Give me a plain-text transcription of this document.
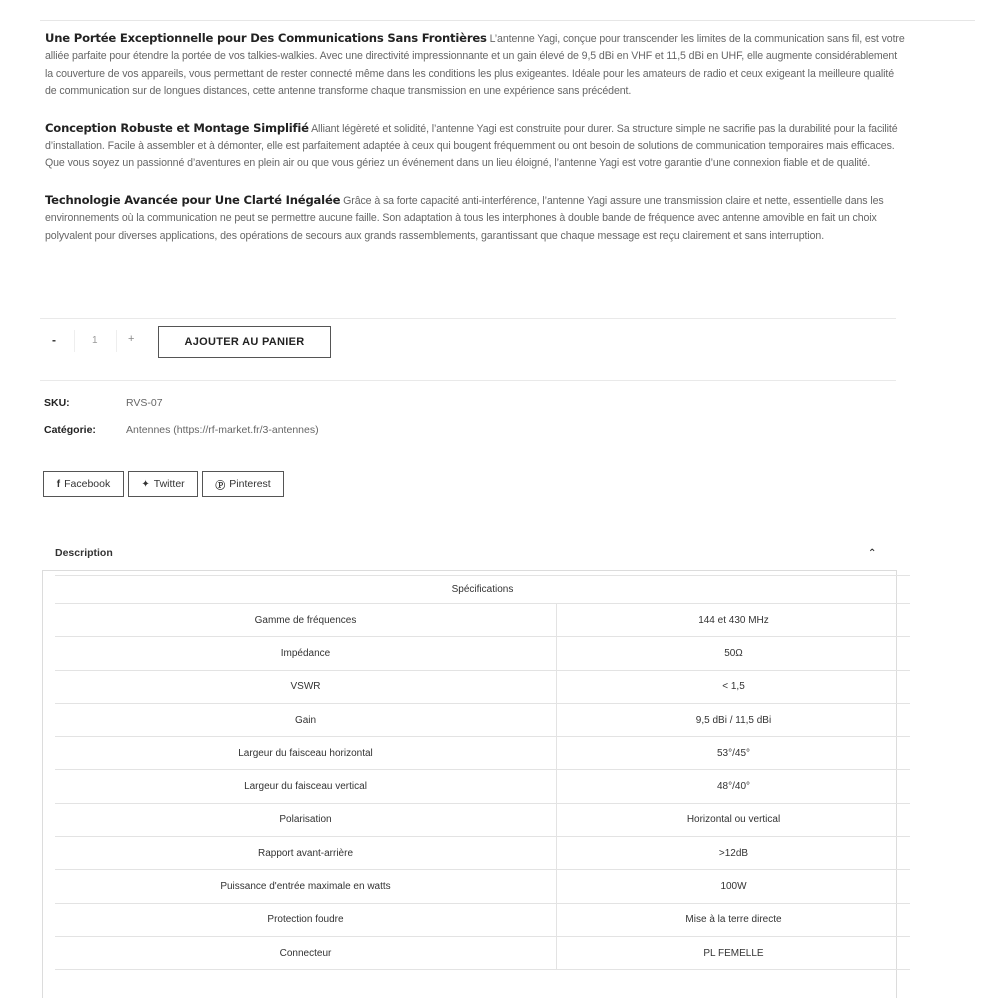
Une Portée Exceptionnelle pour Des Communications Sans Frontières L’antenne Yagi, conçue pour transcender les limites de la communication sans fil, est votre alliée parfaite pour étendre la portée de vos talkies-walkies. Avec une directivité impressionnante et un gain élevé de 9,5 dBi en VHF et 11,5 dBi en UHF, elle augmente considérablement la couverture de vos appareils, vous permettant de rester connecté même dans les conditions les plus exigeantes. Idéale pour les amateurs de radio et ceux exigeant la meilleure qualité de communication sur de longues distances, cette antenne transforme chaque transmission en une expérience sans précédent.

Conception Robuste et Montage Simplifié Alliant légèreté et solidité, l’antenne Yagi est construite pour durer. Sa structure simple ne sacrifie pas la durabilité pour la facilité d’installation. Facile à assembler et à démonter, elle est parfaitement adaptée à ceux qui bougent fréquemment ou ont besoin de solutions de communication temporaires mais efficaces. Que vous soyez un passionné d’aventures en plein air ou que vous gériez un événement dans un lieu éloigné, l’antenne Yagi est votre garantie d’une connexion fiable et de qualité.

Technologie Avancée pour Une Clarté Inégalée Grâce à sa forte capacité anti-interférence, l’antenne Yagi assure une transmission claire et nette, essentielle dans les environnements où la communication ne peut se permettre aucune faille. Son adaptation à tous les interphones à double bande de fréquence avec antenne amovible en fait un choix polyvalent pour diverses applications, des opérations de secours aux grands rassemblements, garantissant que chaque message est reçu clairement et sans interruption.

-	1	+	AJOUTER AU PANIER
SKU:	RVS-07
Catégorie:	Antennes (https://rf-market.fr/3-antennes)
f Facebook	✦ Twitter	Ⓟ Pinterest
Description	⌃
Spécifications	
Gamme de fréquences	144 et 430 MHz
Impédance	50Ω
VSWR	< 1,5
Gain	9,5 dBi / 11,5 dBi
Largeur du faisceau horizontal	53°/45°
Largeur du faisceau vertical	48°/40°
Polarisation	Horizontal ou vertical
Rapport avant-arrière	>12dB
Puissance d'entrée maximale en watts	100W
Protection foudre	Mise à la terre directe
Connecteur	PL FEMELLE
